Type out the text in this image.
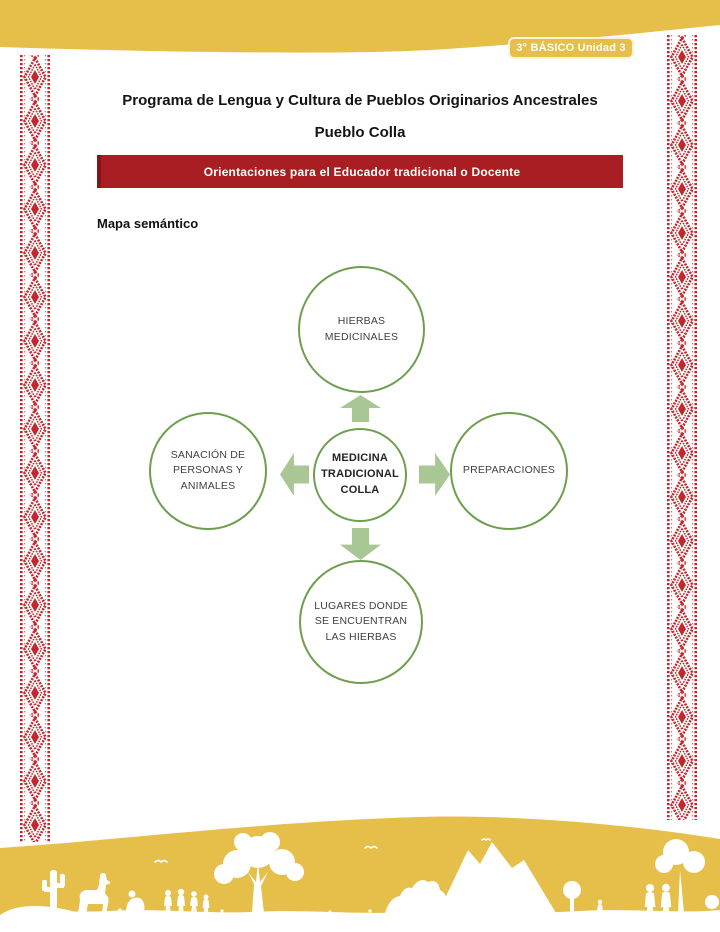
3° BÁSICO Unidad 3
Programa de Lengua y Cultura de Pueblos Originarios Ancestrales
Pueblo Colla
Orientaciones para el Educador tradicional o Docente
Mapa semántico
HIERBAS MEDICINALES
SANACIÓN DE PERSONAS Y ANIMALES
MEDICINA TRADICIONAL COLLA
PREPARACIONES
LUGARES DONDE SE ENCUENTRAN LAS HIERBAS
